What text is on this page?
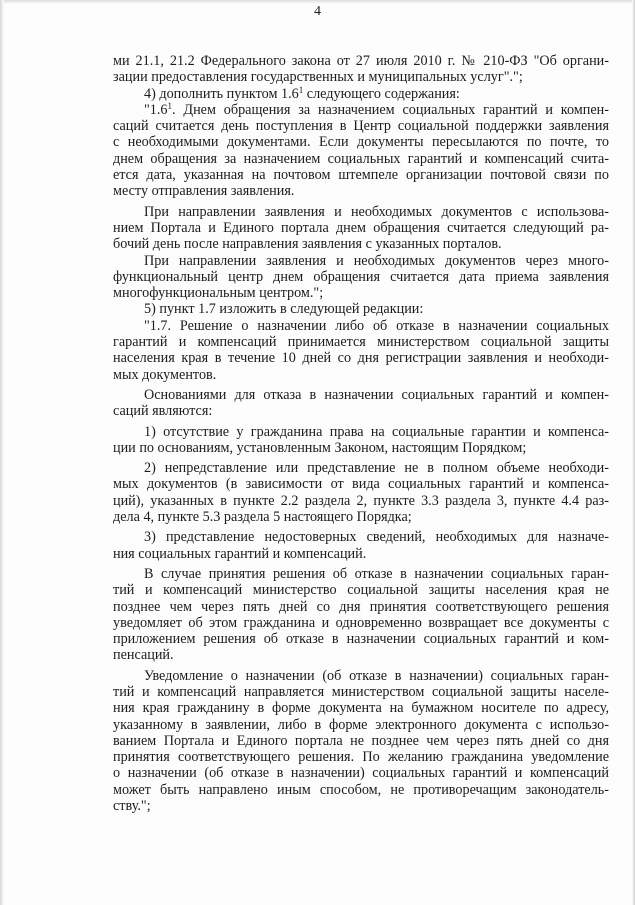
4
ми 21.1, 21.2 Федерального закона от 27 июля 2010 г. № 210-ФЗ "Об органи-
зации предоставления государственных и муниципальных услуг".";
4) дополнить пунктом $1.6^1$ следующего содержания:
"$1.6^1$. Днем обращения за назначением социальных гарантий и компен-
саций считается день поступления в Центр социальной поддержки заявления
с необходимыми документами. Если документы пересылаются по почте, то
днем обращения за назначением социальных гарантий и компенсаций счита-
ется дата, указанная на почтовом штемпеле организации почтовой связи по
месту отправления заявления.
При направлении заявления и необходимых документов с использова-
нием Портала и Единого портала днем обращения считается следующий ра-
бочий день после направления заявления с указанных порталов.
При направлении заявления и необходимых документов через много-
функциональный центр днем обращения считается дата приема заявления
многофункциональным центром.";
5) пункт 1.7 изложить в следующей редакции:
"1.7. Решение о назначении либо об отказе в назначении социальных
гарантий и компенсаций принимается министерством социальной защиты
населения края в течение 10 дней со дня регистрации заявления и необходи-
мых документов.
Основаниями для отказа в назначении социальных гарантий и компен-
саций являются:
1) отсутствие у гражданина права на социальные гарантии и компенса-
ции по основаниям, установленным Законом, настоящим Порядком;
2) непредставление или представление не в полном объеме необходи-
мых документов (в зависимости от вида социальных гарантий и компенса-
ций), указанных в пункте 2.2 раздела 2, пункте 3.3 раздела 3, пункте 4.4 раз-
дела 4, пункте 5.3 раздела 5 настоящего Порядка;
3) представление недостоверных сведений, необходимых для назначе-
ния социальных гарантий и компенсаций.
В случае принятия решения об отказе в назначении социальных гаран-
тий и компенсаций министерство социальной защиты населения края не
позднее чем через пять дней со дня принятия соответствующего решения
уведомляет об этом гражданина и одновременно возвращает все документы с
приложением решения об отказе в назначении социальных гарантий и ком-
пенсаций.
Уведомление о назначении (об отказе в назначении) социальных гаран-
тий и компенсаций направляется министерством социальной защиты населе-
ния края гражданину в форме документа на бумажном носителе по адресу,
указанному в заявлении, либо в форме электронного документа с использо-
ванием Портала и Единого портала не позднее чем через пять дней со дня
принятия соответствующего решения. По желанию гражданина уведомление
о назначении (об отказе в назначении) социальных гарантий и компенсаций
может быть направлено иным способом, не противоречащим законодатель-
ству.";
